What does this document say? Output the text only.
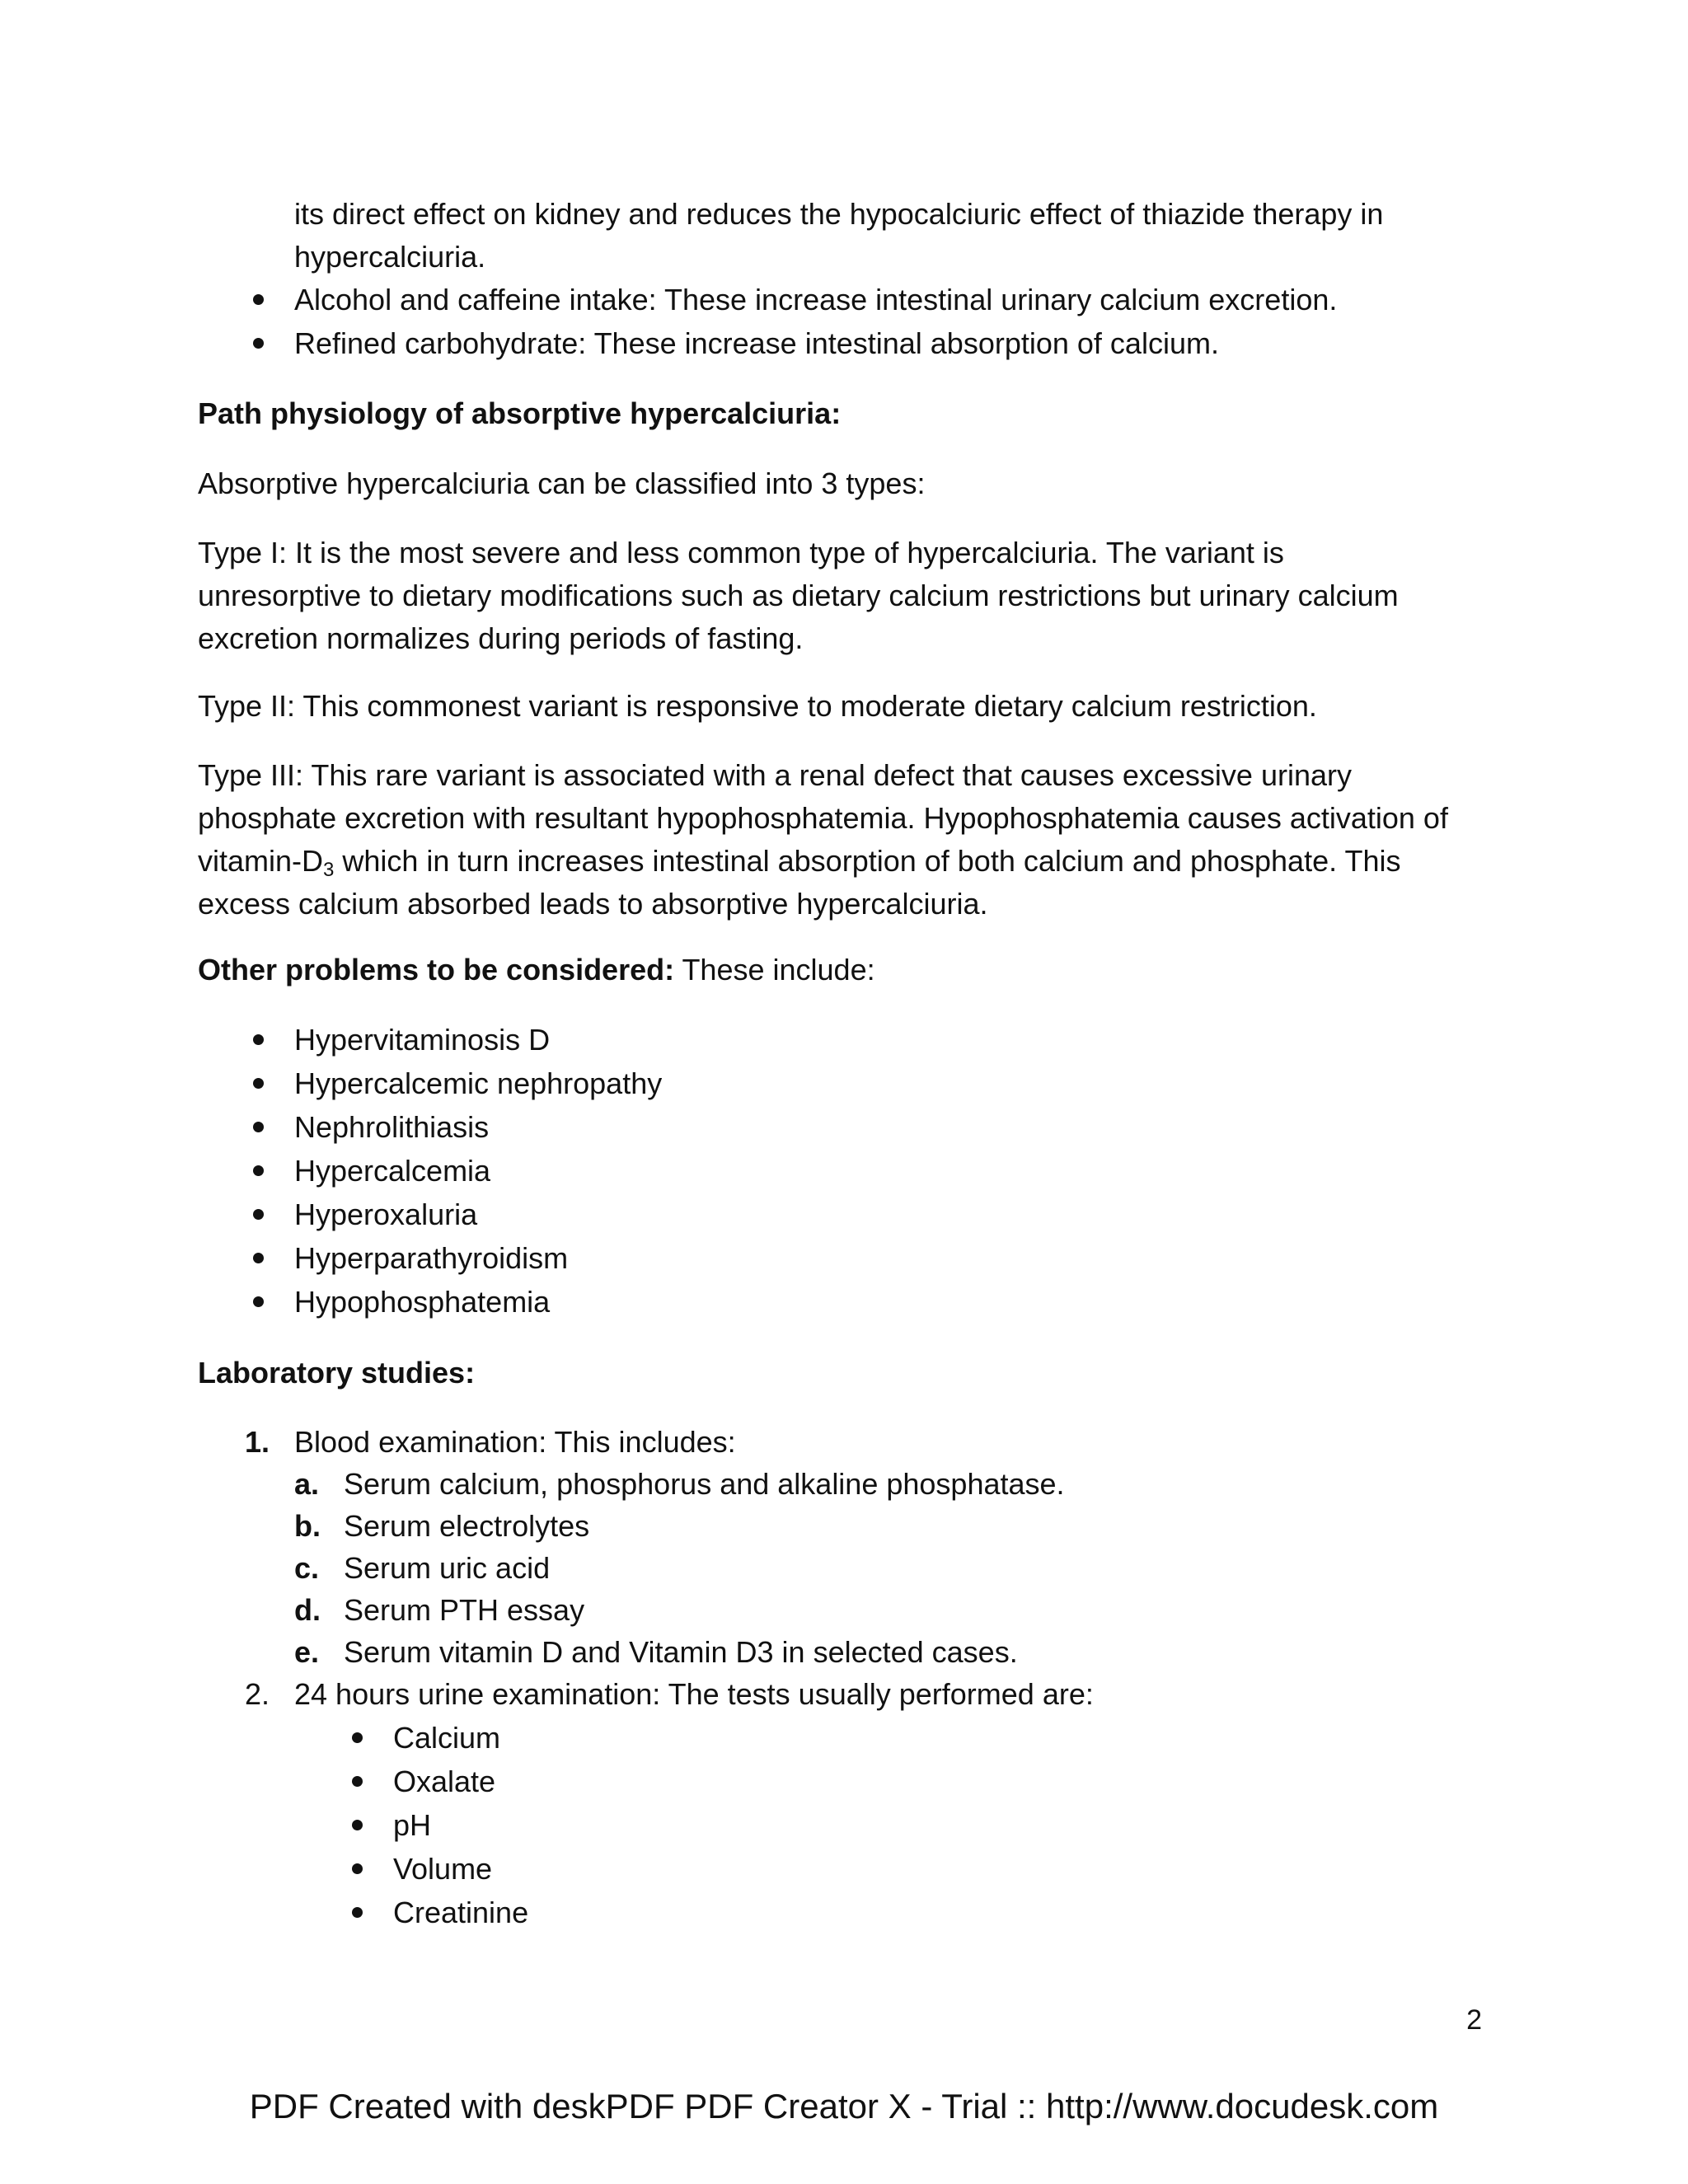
its direct effect on kidney and reduces the hypocalciuric effect of thiazide therapy in hypercalciuria.

Alcohol and caffeine intake: These increase intestinal urinary calcium excretion.
Refined carbohydrate: These increase intestinal absorption of calcium.

Path physiology of absorptive hypercalciuria:

Absorptive hypercalciuria can be classified into 3 types:

Type I: It is the most severe and less common type of hypercalciuria. The variant is unresorptive to dietary modifications such as dietary calcium restrictions but urinary calcium excretion normalizes during periods of fasting.

Type II: This commonest variant is responsive to moderate dietary calcium restriction.

Type III: This rare variant is associated with a renal defect that causes excessive urinary phosphate excretion with resultant hypophosphatemia. Hypophosphatemia causes activation of vitamin-$D_3$ which in turn increases intestinal absorption of both calcium and phosphate. This excess calcium absorbed leads to absorptive hypercalciuria.

Other problems to be considered: These include:

Hypervitaminosis D
Hypercalcemic nephropathy
Nephrolithiasis
Hypercalcemia
Hyperoxaluria
Hyperparathyroidism
Hypophosphatemia

Laboratory studies:

1. Blood examination: This includes:
a. Serum calcium, phosphorus and alkaline phosphatase.
b. Serum electrolytes
c. Serum uric acid
d. Serum PTH essay
e. Serum vitamin D and Vitamin D3 in selected cases.
2. 24 hours urine examination: The tests usually performed are:
Calcium
Oxalate
pH
Volume
Creatinine
2
PDF Created with deskPDF PDF Creator X - Trial :: http://www.docudesk.com
